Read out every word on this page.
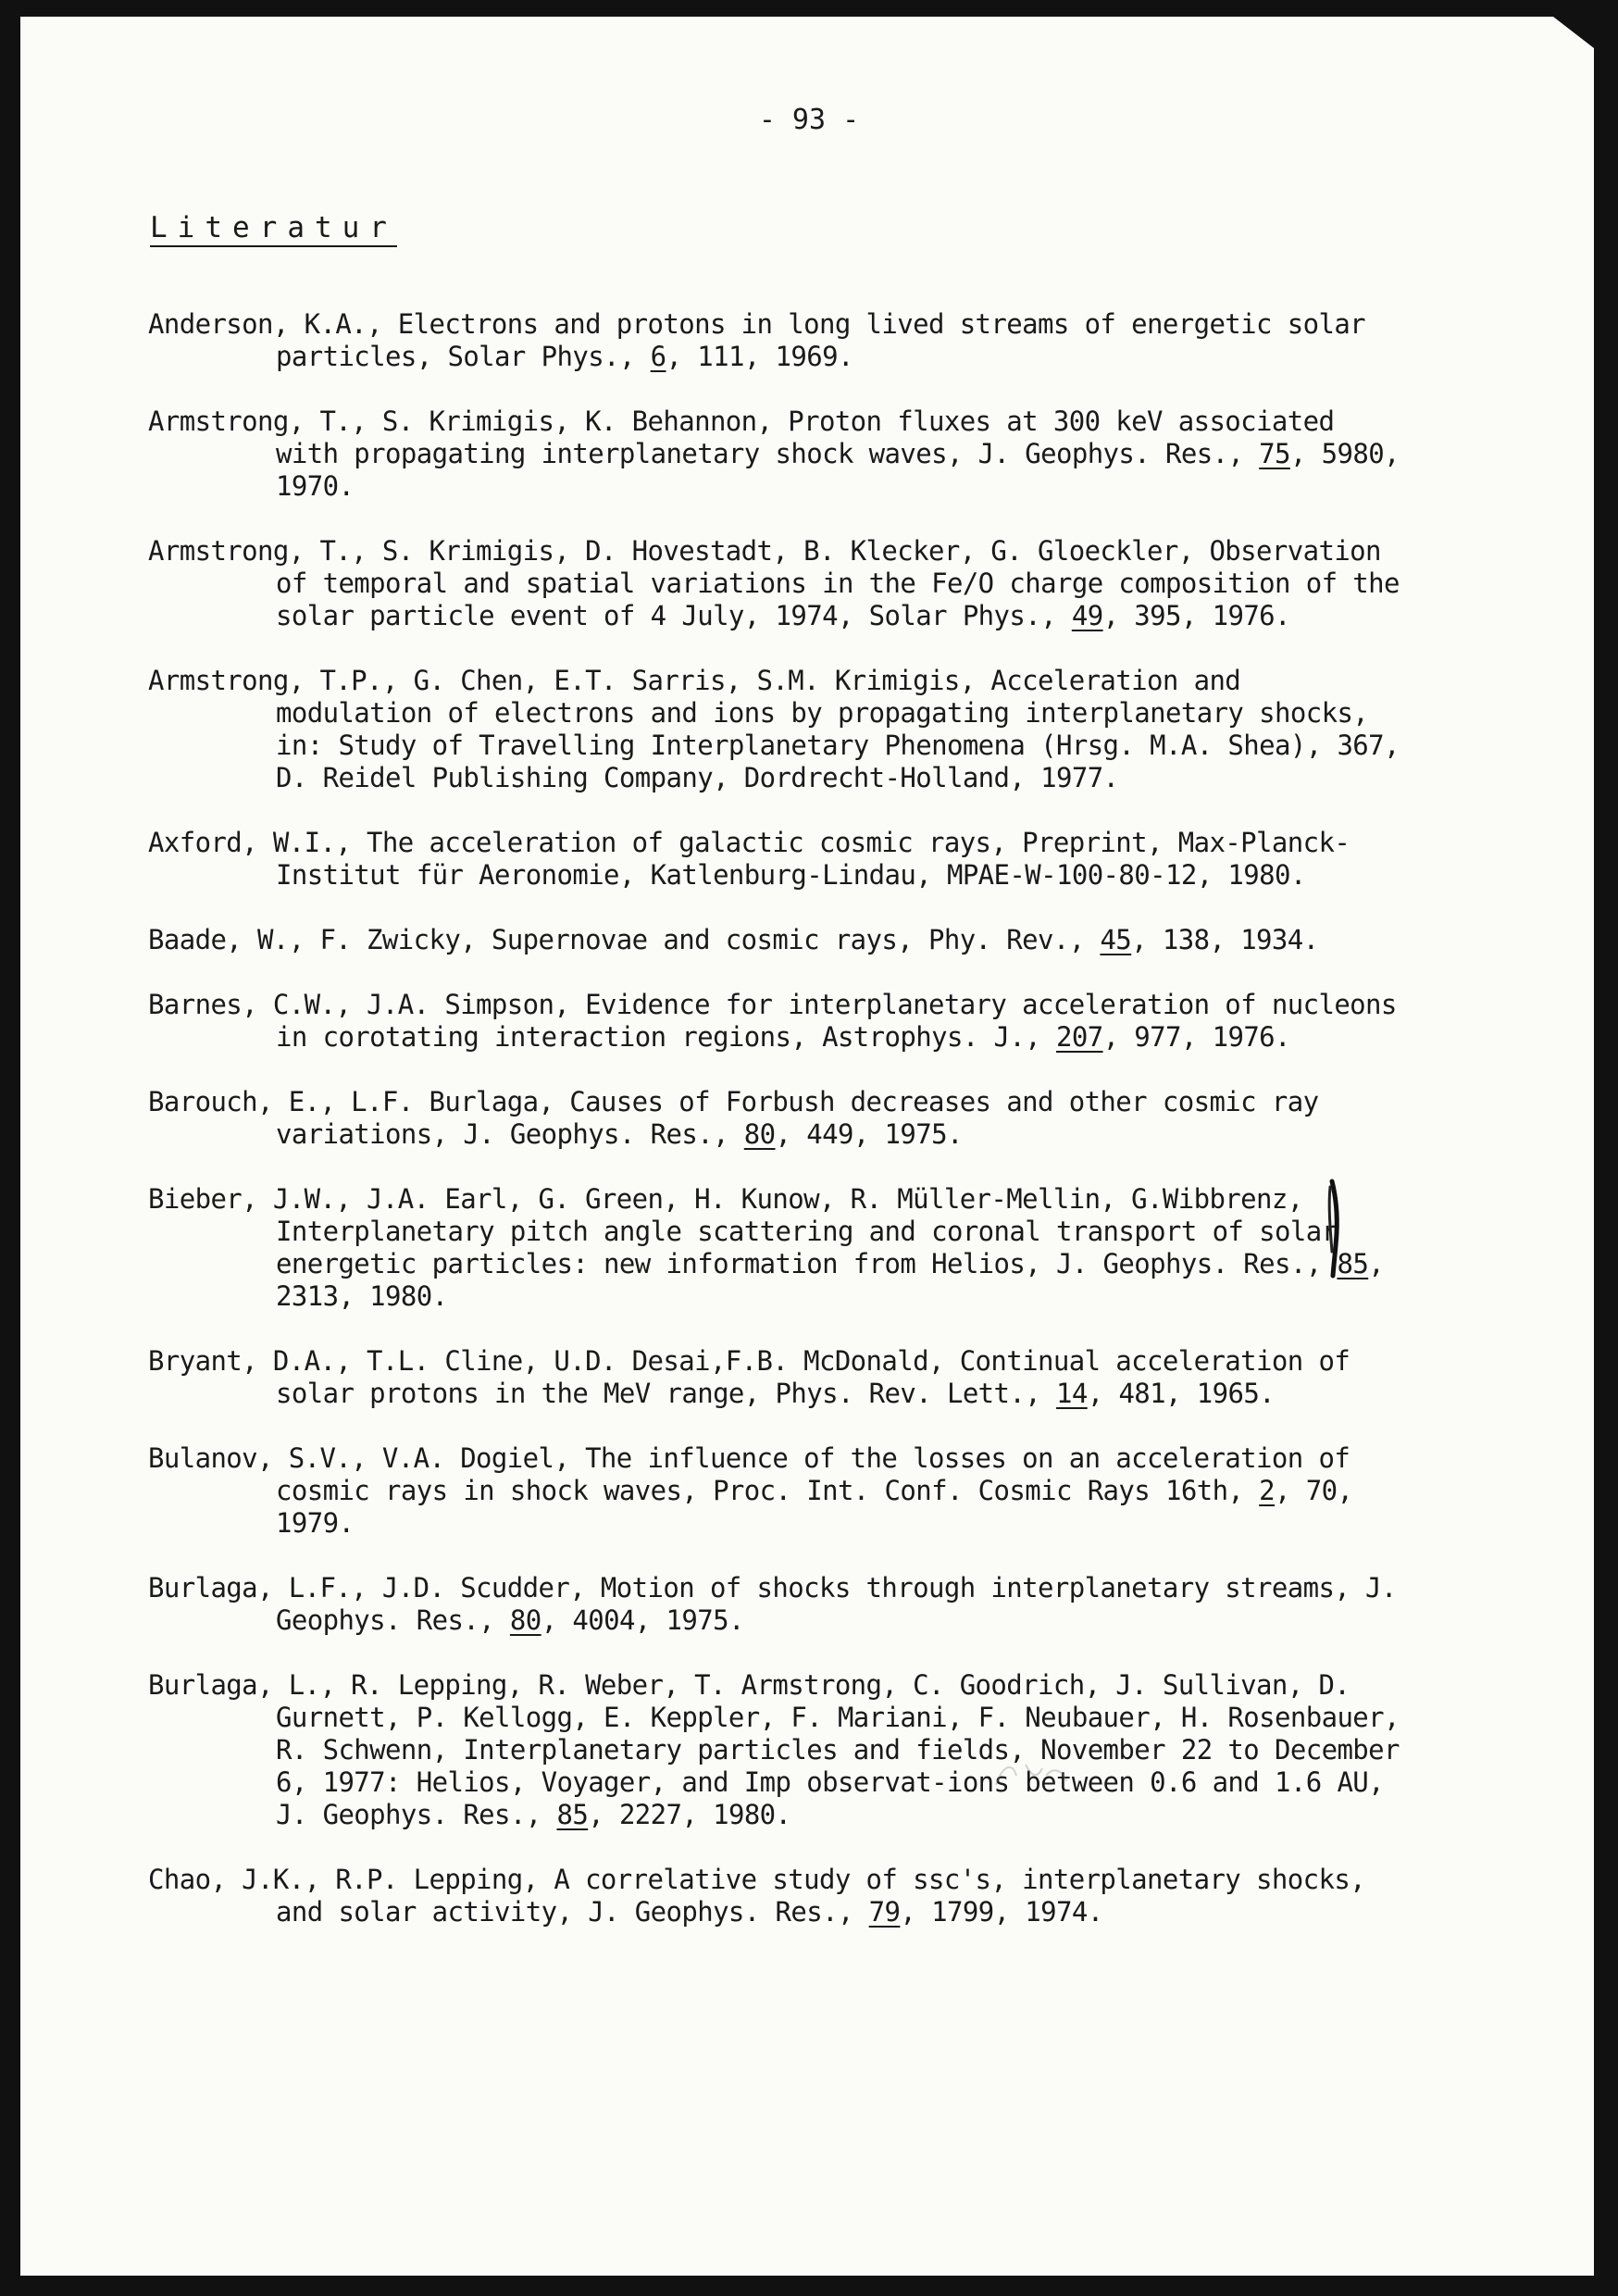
- 93 -
Literatur

Anderson, K.A., Electrons and protons in long lived streams of energetic solar particles, Solar Phys., 6, 111, 1969.

Armstrong, T., S. Krimigis, K. Behannon, Proton fluxes at 300 keV associated with propagating interplanetary shock waves, J. Geophys. Res., 75, 5980, 1970.

Armstrong, T., S. Krimigis, D. Hovestadt, B. Klecker, G. Gloeckler, Observation of temporal and spatial variations in the Fe/O charge composition of the solar particle event of 4 July, 1974, Solar Phys., 49, 395, 1976.

Armstrong, T.P., G. Chen, E.T. Sarris, S.M. Krimigis, Acceleration and modulation of electrons and ions by propagating interplanetary shocks, in: Study of Travelling Interplanetary Phenomena (Hrsg. M.A. Shea), 367, D. Reidel Publishing Company, Dordrecht-Holland, 1977.

Axford, W.I., The acceleration of galactic cosmic rays, Preprint, Max-Planck-Institut für Aeronomie, Katlenburg-Lindau, MPAE-W-100-80-12, 1980.

Baade, W., F. Zwicky, Supernovae and cosmic rays, Phy. Rev., 45, 138, 1934.

Barnes, C.W., J.A. Simpson, Evidence for interplanetary acceleration of nucleons in corotating interaction regions, Astrophys. J., 207, 977, 1976.

Barouch, E., L.F. Burlaga, Causes of Forbush decreases and other cosmic ray variations, J. Geophys. Res., 80, 449, 1975.

Bieber, J.W., J.A. Earl, G. Green, H. Kunow, R. Müller-Mellin, G.Wibbrenz, Interplanetary pitch angle scattering and coronal transport of solar energetic particles: new information from Helios, J. Geophys. Res., 85, 2313, 1980.

Bryant, D.A., T.L. Cline, U.D. Desai,F.B. McDonald, Continual acceleration of solar protons in the MeV range, Phys. Rev. Lett., 14, 481, 1965.

Bulanov, S.V., V.A. Dogiel, The influence of the losses on an acceleration of cosmic rays in shock waves, Proc. Int. Conf. Cosmic Rays 16th, 2, 70, 1979.

Burlaga, L.F., J.D. Scudder, Motion of shocks through interplanetary streams, J. Geophys. Res., 80, 4004, 1975.

Burlaga, L., R. Lepping, R. Weber, T. Armstrong, C. Goodrich, J. Sullivan, D. Gurnett, P. Kellogg, E. Keppler, F. Mariani, F. Neubauer, H. Rosenbauer, R. Schwenn, Interplanetary particles and fields, November 22 to December 6, 1977: Helios, Voyager, and Imp observat-ions between 0.6 and 1.6 AU, J. Geophys. Res., 85, 2227, 1980.

Chao, J.K., R.P. Lepping, A correlative study of ssc's, interplanetary shocks, and solar activity, J. Geophys. Res., 79, 1799, 1974.
